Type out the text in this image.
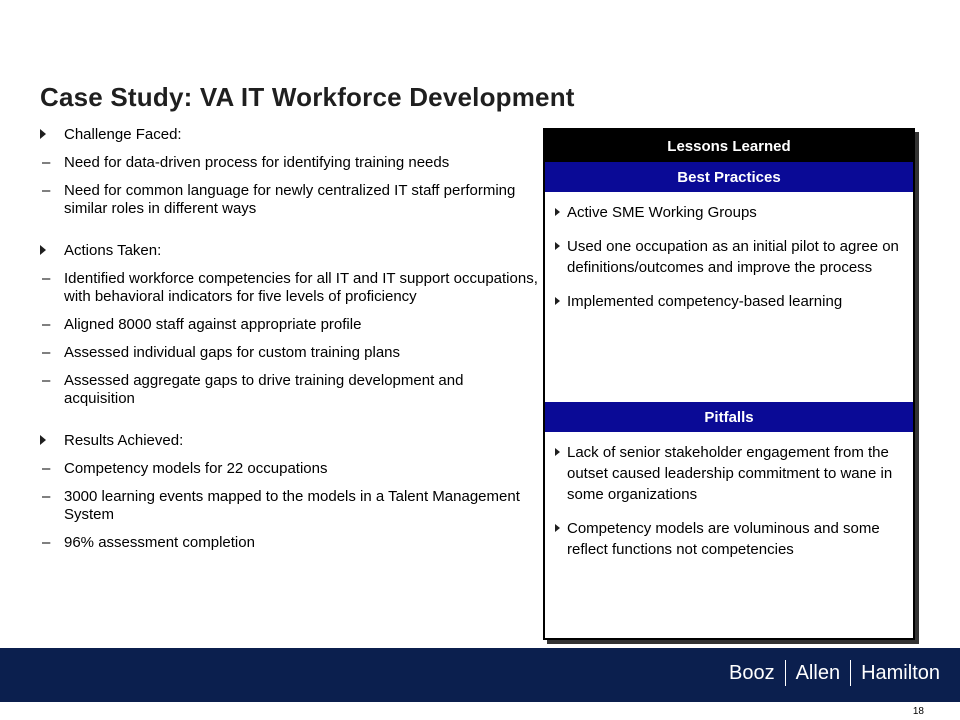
Case Study: VA IT Workforce Development
Challenge Faced:
– Need for data-driven process for identifying training needs
– Need for common language for newly centralized IT staff performing similar roles in different ways
Actions Taken:
– Identified workforce competencies for all IT and IT support occupations, with behavioral indicators for five levels of proficiency
– Aligned 8000 staff against appropriate profile
– Assessed individual gaps for custom training plans
– Assessed aggregate gaps to drive training development and acquisition
Results Achieved:
– Competency models for 22 occupations
– 3000 learning events mapped to the models in a Talent Management System
– 96% assessment completion
Lessons Learned
Best Practices
Active SME Working Groups
Used one occupation as an initial pilot to agree on definitions/outcomes and improve the process
Implemented competency-based learning
Pitfalls
Lack of senior stakeholder engagement from the outset caused leadership commitment to wane in some organizations
Competency models are voluminous and some reflect functions not competencies
Booz Allen Hamilton
18
